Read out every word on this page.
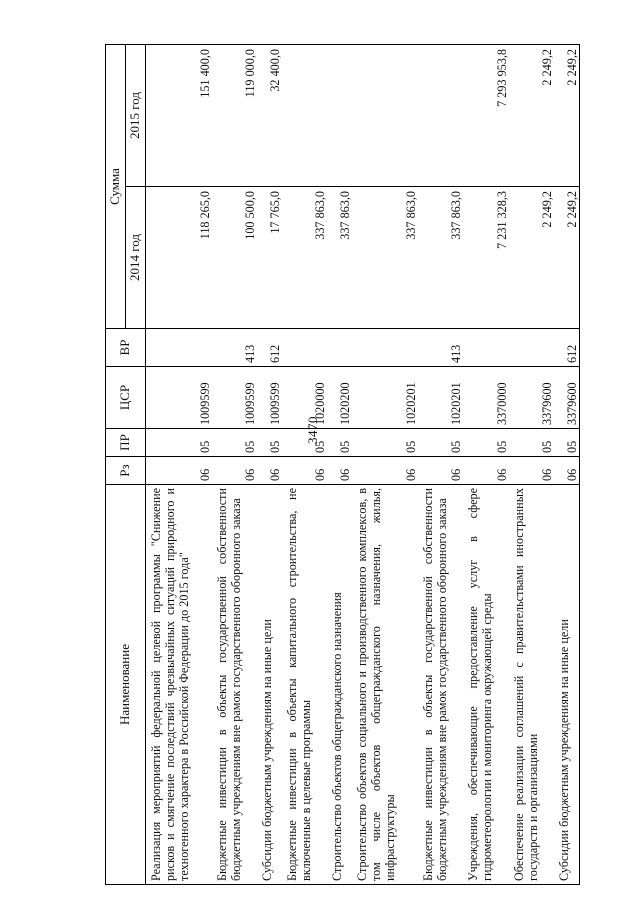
3470
Наименование	Рз	ПР	ЦСР	ВР	Сумма	
					2014 год	2015 год
Реализация мероприятий федеральной целевой программы "Снижение рисков и смягчение последствий чрезвычайных ситуаций природного и техногенного характера в Российской Федерации до 2015 года"	06	05	1009599		118 265,0	151 400,0
Бюджетные инвестиции в объекты государственной собственности бюджетным учреждениям вне рамок государственного оборонного заказа	06	05	1009599	413	100 500,0	119 000,0
Субсидии бюджетным учреждениям на иные цели	06	05	1009599	612	17 765,0	32 400,0
Бюджетные инвестиции в объекты капитального строительства, не включенные в целевые программы	06	05	1020000		337 863,0	
Строительство объектов общегражданского назначения	06	05	1020200		337 863,0	
Строительство объектов социального и производственного комплексов, в том числе объектов общегражданского назначения, жилья, инфраструктуры	06	05	1020201		337 863,0	
Бюджетные инвестиции в объекты государственной собственности бюджетным учреждениям вне рамок государственного оборонного заказа	06	05	1020201	413	337 863,0	
Учреждения, обеспечивающие предоставление услуг в сфере гидрометеорологии и мониторинга окружающей среды	06	05	3370000		7 231 328,3	7 293 953,8
Обеспечение реализации соглашений с правительствами иностранных государств и организациями	06	05	3379600		2 249,2	2 249,2
Субсидии бюджетным учреждениям на иные цели	06	05	3379600	612	2 249,2	2 249,2
